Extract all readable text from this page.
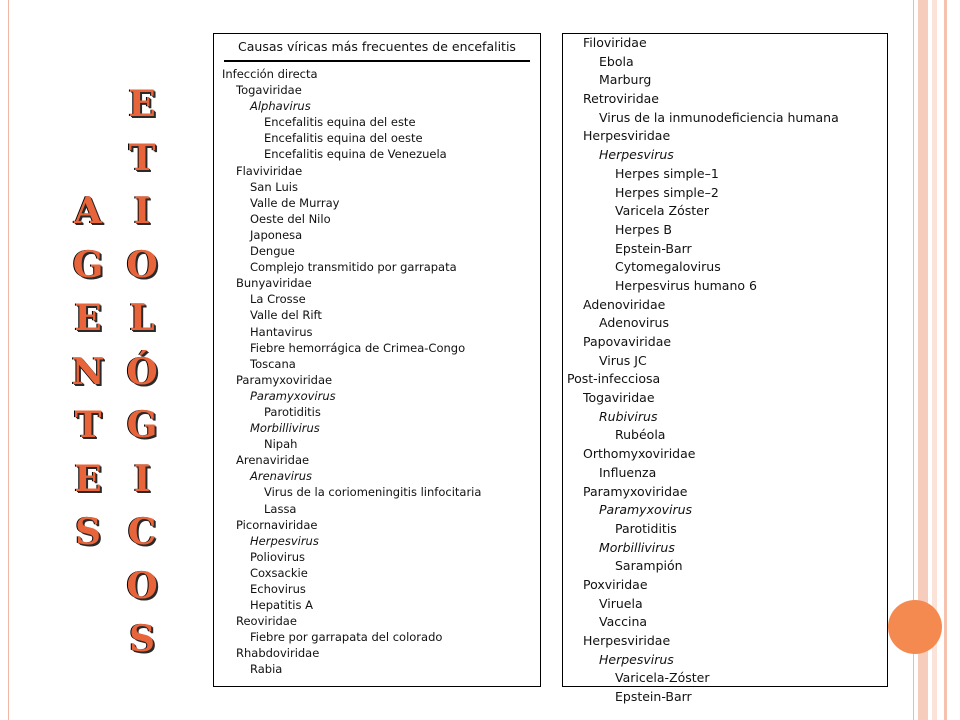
A
G
E
N
T
E
S
E
T
I
O
L
Ó
G
I
C
O
S
Causas víricas más frecuentes de encefalitis
Infección directa
Togaviridae
Alphavirus
Encefalitis equina del este
Encefalitis equina del oeste
Encefalitis equina de Venezuela
Flaviviridae
San Luis
Valle de Murray
Oeste del Nilo
Japonesa
Dengue
Complejo transmitido por garrapata
Bunyaviridae
La Crosse
Valle del Rift
Hantavirus
Fiebre hemorrágica de Crimea-Congo
Toscana
Paramyxoviridae
Paramyxovirus
Parotiditis
Morbillivirus
Nipah
Arenaviridae
Arenavirus
Virus de la coriomeningitis linfocitaria
Lassa
Picornaviridae
Herpesvirus
Poliovirus
Coxsackie
Echovirus
Hepatitis A
Reoviridae
Fiebre por garrapata del colorado
Rhabdoviridae
Rabia
Filoviridae
Ebola
Marburg
Retroviridae
Virus de la inmunodeficiencia humana
Herpesviridae
Herpesvirus
Herpes simple–1
Herpes simple–2
Varicela Zóster
Herpes B
Epstein-Barr
Cytomegalovirus
Herpesvirus humano 6
Adenoviridae
Adenovirus
Papovaviridae
Virus JC
Post-infecciosa
Togaviridae
Rubivirus
Rubéola
Orthomyxoviridae
Influenza
Paramyxoviridae
Paramyxovirus
Parotiditis
Morbillivirus
Sarampión
Poxviridae
Viruela
Vaccina
Herpesviridae
Herpesvirus
Varicela-Zóster
Epstein-Barr
